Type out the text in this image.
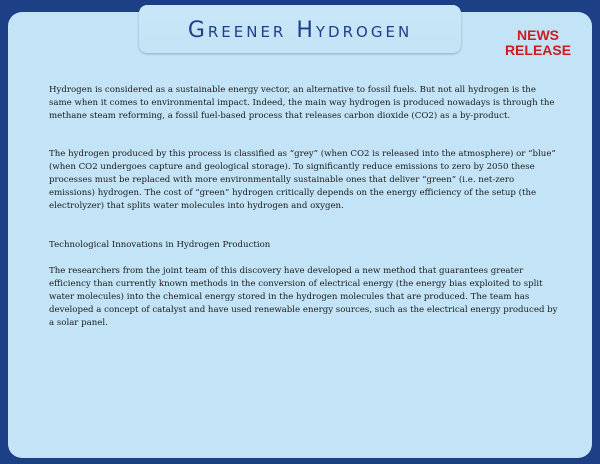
Greener Hydrogen	NEWS
RELEASE

Hydrogen is considered as a sustainable energy vector, an alternative to fossil fuels. But not all hydrogen is the same when it comes to environmental impact. Indeed, the main way hydrogen is produced nowadays is through the methane steam reforming, a fossil fuel-based process that releases carbon dioxide (CO2) as a by-product.

The hydrogen produced by this process is classified as “grey” (when CO2 is released into the atmosphere) or “blue” (when CO2 undergoes capture and geological storage). To significantly reduce emissions to zero by 2050 these processes must be replaced with more environmentally sustainable ones that deliver “green” (i.e. net-zero emissions) hydrogen. The cost of “green” hydrogen critically depends on the energy efficiency of the setup (the electrolyzer) that splits water molecules into hydrogen and oxygen.

Technological Innovations in Hydrogen Production

The researchers from the joint team of this discovery have developed a new method that guarantees greater efficiency than currently known methods in the conversion of electrical energy (the energy bias exploited to split water molecules) into the chemical energy stored in the hydrogen molecules that are produced. The team has developed a concept of catalyst and have used renewable energy sources, such as the electrical energy produced by a solar panel.
